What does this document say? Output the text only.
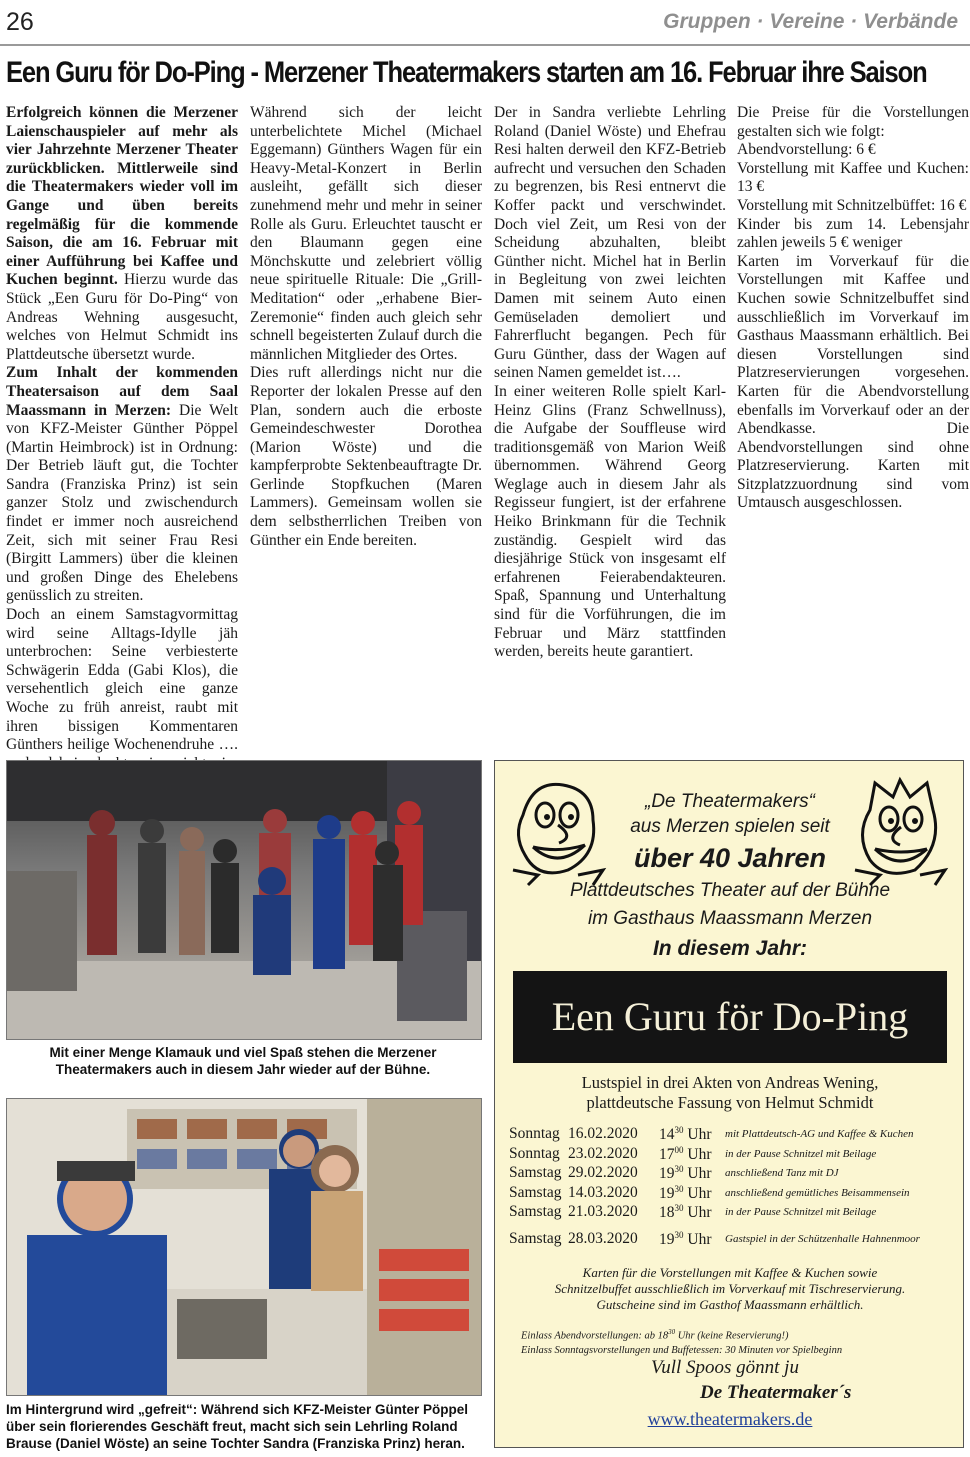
26	Gruppen · Vereine · Verbände
Een Guru för Do-Ping - Merzener Theatermakers starten am 16. Februar ihre Saison

Erfolgreich können die Merzener Laienschauspieler auf mehr als vier Jahrzehnte Merzener Theater zurückblicken. Mittlerweile sind die Theatermakers wieder voll im Gange und üben bereits regelmäßig für die kommende Saison, die am 16. Februar mit einer Aufführung bei Kaffee und Kuchen beginnt. Hierzu wurde das Stück „Een Guru för Do-Ping“ von Andreas Wehning ausgesucht, welches von Helmut Schmidt ins Plattdeutsche übersetzt wurde.

Zum Inhalt der kommenden Theatersaison auf dem Saal Maassmann in Merzen: Die Welt von KFZ-Meister Günther Pöppel (Martin Heimbrock) ist in Ordnung: Der Betrieb läuft gut, die Tochter Sandra (Franziska Prinz) ist sein ganzer Stolz und zwischendurch findet er immer noch ausreichend Zeit, sich mit seiner Frau Resi (Birgitt Lammers) über die kleinen und großen Dinge des Ehelebens genüsslich zu streiten.

Doch an einem Samstagvormittag wird seine Alltags-Idylle jäh unterbrochen: Seine verbiesterte Schwägerin Edda (Gabi Klos), die versehentlich gleich eine ganze Woche zu früh anreist, raubt mit ihren bissigen Kommentaren Günthers heilige Wochenendruhe ….

Während sich der leicht unterbelichtete Michel (Michael Eggemann) Günthers Wagen für ein Heavy-Metal-Konzert in Berlin ausleiht, gefällt sich dieser zunehmend mehr und mehr in seiner Rolle als Guru. Erleuchtet tauscht er den Blaumann gegen eine Mönchskutte und zelebriert völlig neue spirituelle Rituale: Die „Grill-Meditation“ oder „erhabene Bier-Zeremonie“ finden auch gleich sehr schnell begeisterten Zulauf durch die männlichen Mitglieder des Ortes.

Dies ruft allerdings nicht nur die Reporter der lokalen Presse auf den Plan, sondern auch die erboste Gemeindeschwester Dorothea (Marion Wöste) und die kampferprobte Sektenbeauftragte Dr. Gerlinde Stopfkuchen (Maren Lammers). Gemeinsam wollen sie dem selbstherrlichen Treiben von Günther ein Ende bereiten.

Der in Sandra verliebte Lehrling Roland (Daniel Wöste) und Ehefrau Resi halten derweil den KFZ-Betrieb aufrecht und versuchen den Schaden zu begrenzen, bis Resi entnervt die Koffer packt und verschwindet. Doch viel Zeit, um Resi von der Scheidung abzuhalten, bleibt Günther nicht. Michel hat in Berlin in Begleitung von zwei leichten Damen mit seinem Auto einen Gemüseladen demoliert und Fahrerflucht begangen. Pech für Guru Günther, dass der Wagen auf seinen Namen gemeldet ist….

In einer weiteren Rolle spielt Karl-Heinz Glins (Franz Schwellnuss), die Aufgabe der Souffleuse wird traditionsgemäß von Marion Weiß übernommen. Während Georg Weglage auch in diesem Jahr als Regisseur fungiert, ist der erfahrene Heiko Brinkmann für die Technik zuständig. Gespielt wird das diesjährige Stück von insgesamt elf erfahrenen Feierabendakteuren. Spaß, Spannung und Unterhaltung sind für die Vorführungen, die im Februar und März stattfinden werden, bereits heute garantiert.

Die Preise für die Vorstellungen gestalten sich wie folgt:

Abendvorstellung: 6 €

Vorstellung mit Kaffee und Kuchen: 13 €

Vorstellung mit Schnitzelbüffet: 16 €

Kinder bis zum 14. Lebensjahr zahlen jeweils 5 € weniger

Karten im Vorverkauf für die Vorstellungen mit Kaffee und Kuchen sowie Schnitzelbuffet sind ausschließlich im Vorverkauf im Gasthaus Maassmann erhältlich. Bei diesen Vorstellungen sind Platzreservierungen vorgesehen. Karten für die Abendvorstellung ebenfalls im Vorverkauf oder an der Abendkasse. Die Abendvorstellungen sind ohne Platzreservierung. Karten mit Sitzplatzzuordnung sind vom Umtausch ausgeschlossen.

Mit einer Menge Klamauk und viel Spaß stehen die Merzener Theatermakers auch in diesem Jahr wieder auf der Bühne.
Im Hintergrund wird „gefreit“: Während sich KFZ-Meister Günter Pöppel über sein florierendes Geschäft freut, macht sich sein Lehrling Roland Brause (Daniel Wöste) an seine Tochter Sandra (Franziska Prinz) heran.
„De Theatermakers“
aus Merzen spielen seit
über 40 Jahren
Plattdeutsches Theater auf der Bühne
im Gasthaus Maassmann Merzen
In diesem Jahr:
Een Guru för Do-Ping
Lustspiel in drei Akten von Andreas Wening,
plattdeutsche Fassung von Helmut Schmidt
Sonntag 16.02.2020 $14^{30}$ Uhr mit Plattdeutsch-AG und Kaffee & Kuchen
Sonntag 23.02.2020 $17^{00}$ Uhr in der Pause Schnitzel mit Beilage
Samstag 29.02.2020 $19^{30}$ Uhr anschließend Tanz mit DJ
Samstag 14.03.2020 $19^{30}$ Uhr anschließend gemütliches Beisammensein
Samstag 21.03.2020 $18^{30}$ Uhr in der Pause Schnitzel mit Beilage
Samstag 28.03.2020 $19^{30}$ Uhr Gastspiel in der Schützenhalle Hahnenmoor
Karten für die Vorstellungen mit Kaffee & Kuchen sowie
Schnitzelbuffet ausschließlich im Vorverkauf mit Tischreservierung.
Gutscheine sind im Gasthof Maassmann erhältlich.
Einlass Abendvorstellungen: ab $18^{30}$ Uhr (keine Reservierung!)
Einlass Sonntagsvorstellungen und Buffetessen: 30 Minuten vor Spielbeginn
Vull Spoos gönnt ju
De Theatermaker´s
www.theatermakers.de
